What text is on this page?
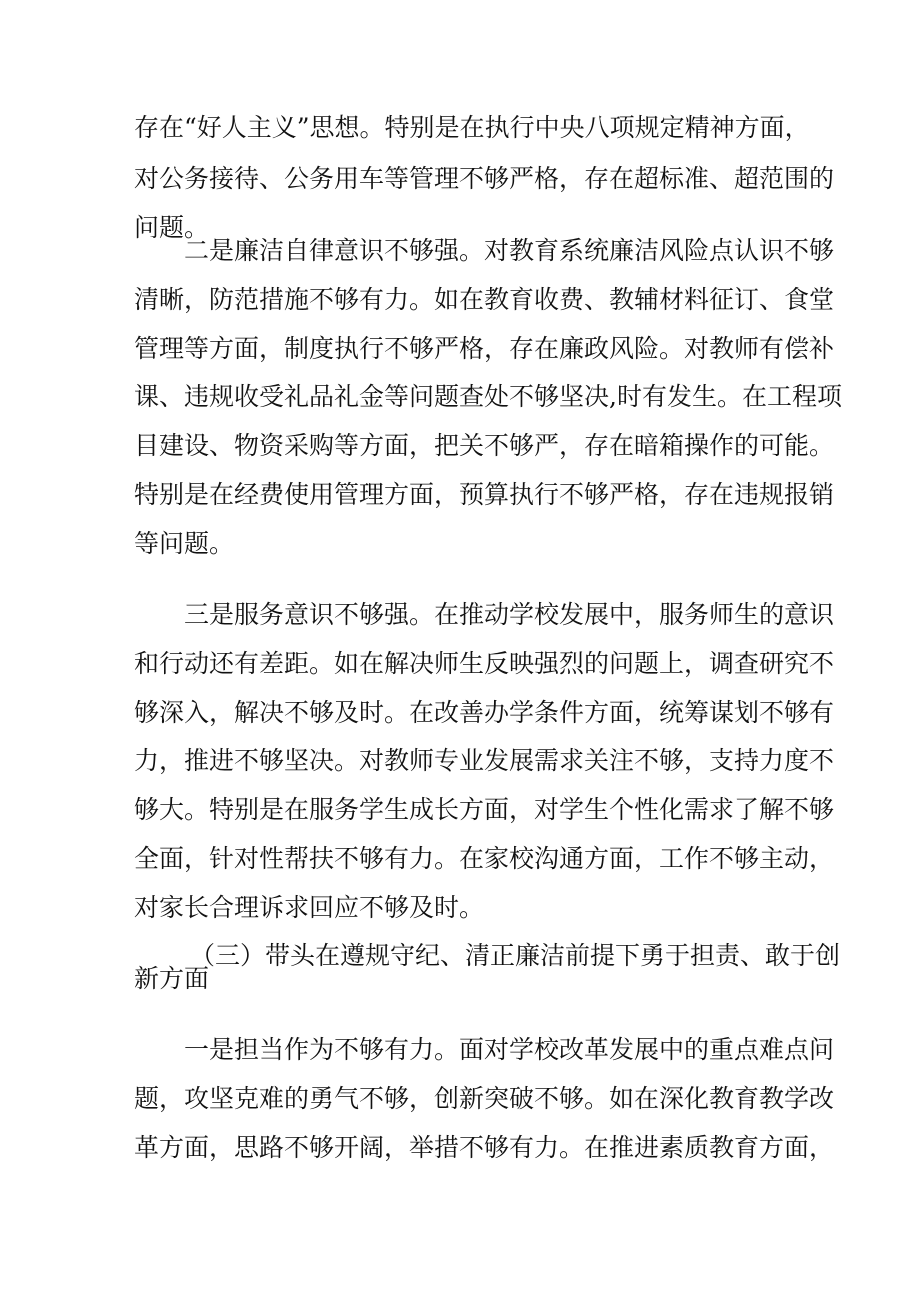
存在“好人主义”思想。特别是在执行中央八项规定精神方面，

对公务接待、公务用车等管理不够严格，存在超标准、超范围的

问题。

二是廉洁自律意识不够强。对教育系统廉洁风险点认识不够

清晰，防范措施不够有力。如在教育收费、教辅材料征订、食堂

管理等方面，制度执行不够严格，存在廉政风险。对教师有偿补

课、违规收受礼品礼金等问题查处不够坚决,时有发生。在工程项

目建设、物资采购等方面，把关不够严，存在暗箱操作的可能。

特别是在经费使用管理方面，预算执行不够严格，存在违规报销

等问题。

三是服务意识不够强。在推动学校发展中，服务师生的意识

和行动还有差距。如在解决师生反映强烈的问题上，调查研究不

够深入，解决不够及时。在改善办学条件方面，统筹谋划不够有

力，推进不够坚决。对教师专业发展需求关注不够，支持力度不

够大。特别是在服务学生成长方面，对学生个性化需求了解不够

全面，针对性帮扶不够有力。在家校沟通方面，工作不够主动，

对家长合理诉求回应不够及时。

（三）带头在遵规守纪、清正廉洁前提下勇于担责、敢于创

新方面

一是担当作为不够有力。面对学校改革发展中的重点难点问

题，攻坚克难的勇气不够，创新突破不够。如在深化教育教学改

革方面，思路不够开阔，举措不够有力。在推进素质教育方面，
